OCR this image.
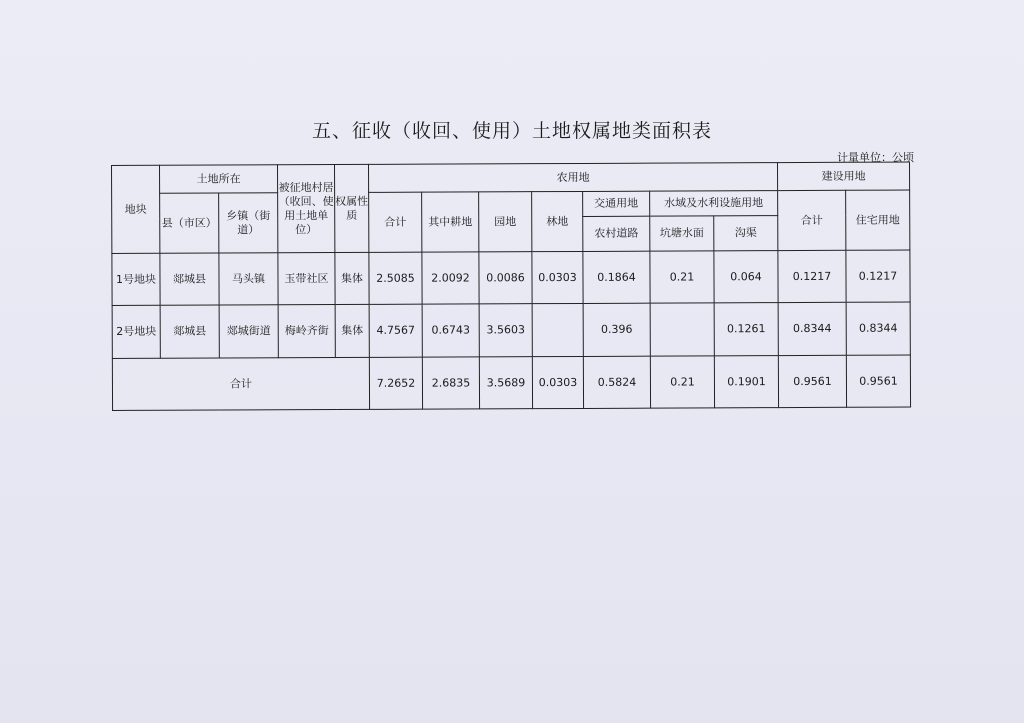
五、征收（收回、使用）土地权属地类面积表
计量单位：公顷
地块	土地所在		被征地村居（收回、使用土地单位）	权属性质	农用地							建设用地	
	县（市区）	乡镇（街道）			合计	其中耕地	园地	林地	交通用地	水域及水利设施用地		合计	住宅用地
									农村道路	坑塘水面	沟渠		
1号地块	郯城县	马头镇	玉带社区	集体	2.5085	2.0092	0.0086	0.0303	0.1864	0.21	0.064	0.1217	0.1217
2号地块	郯城县	郯城街道	梅岭齐街	集体	4.7567	0.6743	3.5603		0.396		0.1261	0.8344	0.8344
合计					7.2652	2.6835	3.5689	0.0303	0.5824	0.21	0.1901	0.9561	0.9561
